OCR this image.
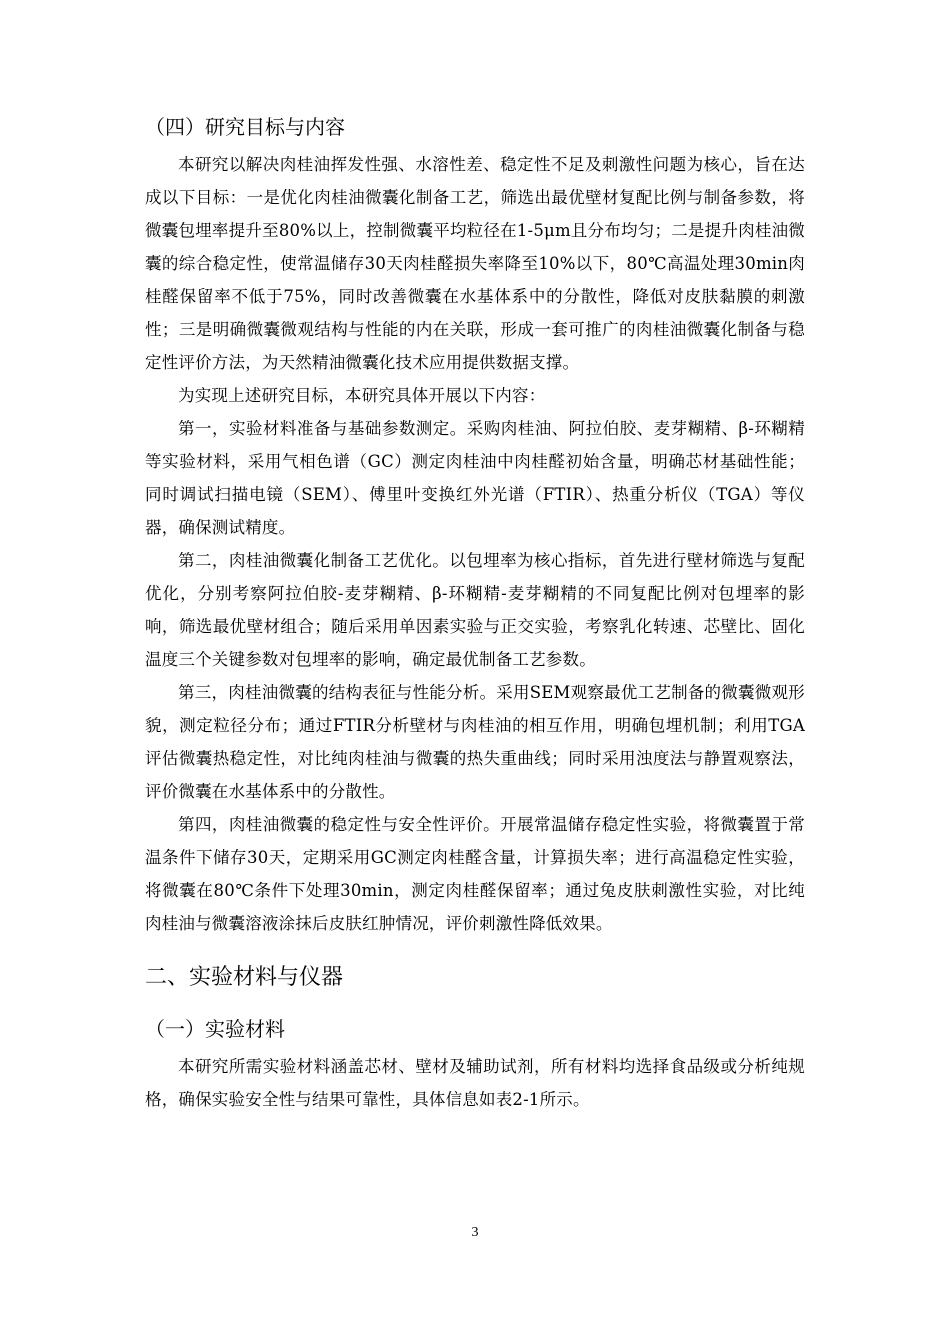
（四）研究目标与内容

本研究以解决肉桂油挥发性强、水溶性差、稳定性不足及刺激性问题为核心，旨在达成以下目标：一是优化肉桂油微囊化制备工艺，筛选出最优壁材复配比例与制备参数，将微囊包埋率提升至80%以上，控制微囊平均粒径在1-5μm且分布均匀；二是提升肉桂油微囊的综合稳定性，使常温储存30天肉桂醛损失率降至10%以下，80℃高温处理30min肉桂醛保留率不低于75%，同时改善微囊在水基体系中的分散性，降低对皮肤黏膜的刺激性；三是明确微囊微观结构与性能的内在关联，形成一套可推广的肉桂油微囊化制备与稳定性评价方法，为天然精油微囊化技术应用提供数据支撑。

为实现上述研究目标，本研究具体开展以下内容：

第一，实验材料准备与基础参数测定。采购肉桂油、阿拉伯胶、麦芽糊精、β-环糊精等实验材料，采用气相色谱（GC）测定肉桂油中肉桂醛初始含量，明确芯材基础性能；同时调试扫描电镜（SEM）、傅里叶变换红外光谱（FTIR）、热重分析仪（TGA）等仪器，确保测试精度。

第二，肉桂油微囊化制备工艺优化。以包埋率为核心指标，首先进行壁材筛选与复配优化，分别考察阿拉伯胶-麦芽糊精、β-环糊精-麦芽糊精的不同复配比例对包埋率的影响，筛选最优壁材组合；随后采用单因素实验与正交实验，考察乳化转速、芯壁比、固化温度三个关键参数对包埋率的影响，确定最优制备工艺参数。

第三，肉桂油微囊的结构表征与性能分析。采用SEM观察最优工艺制备的微囊微观形貌，测定粒径分布；通过FTIR分析壁材与肉桂油的相互作用，明确包埋机制；利用TGA评估微囊热稳定性，对比纯肉桂油与微囊的热失重曲线；同时采用浊度法与静置观察法，评价微囊在水基体系中的分散性。

第四，肉桂油微囊的稳定性与安全性评价。开展常温储存稳定性实验，将微囊置于常温条件下储存30天，定期采用GC测定肉桂醛含量，计算损失率；进行高温稳定性实验，将微囊在80℃条件下处理30min，测定肉桂醛保留率；通过兔皮肤刺激性实验，对比纯肉桂油与微囊溶液涂抹后皮肤红肿情况，评价刺激性降低效果。

二、实验材料与仪器
（一）实验材料

本研究所需实验材料涵盖芯材、壁材及辅助试剂，所有材料均选择食品级或分析纯规格，确保实验安全性与结果可靠性，具体信息如表2-1所示。

3
